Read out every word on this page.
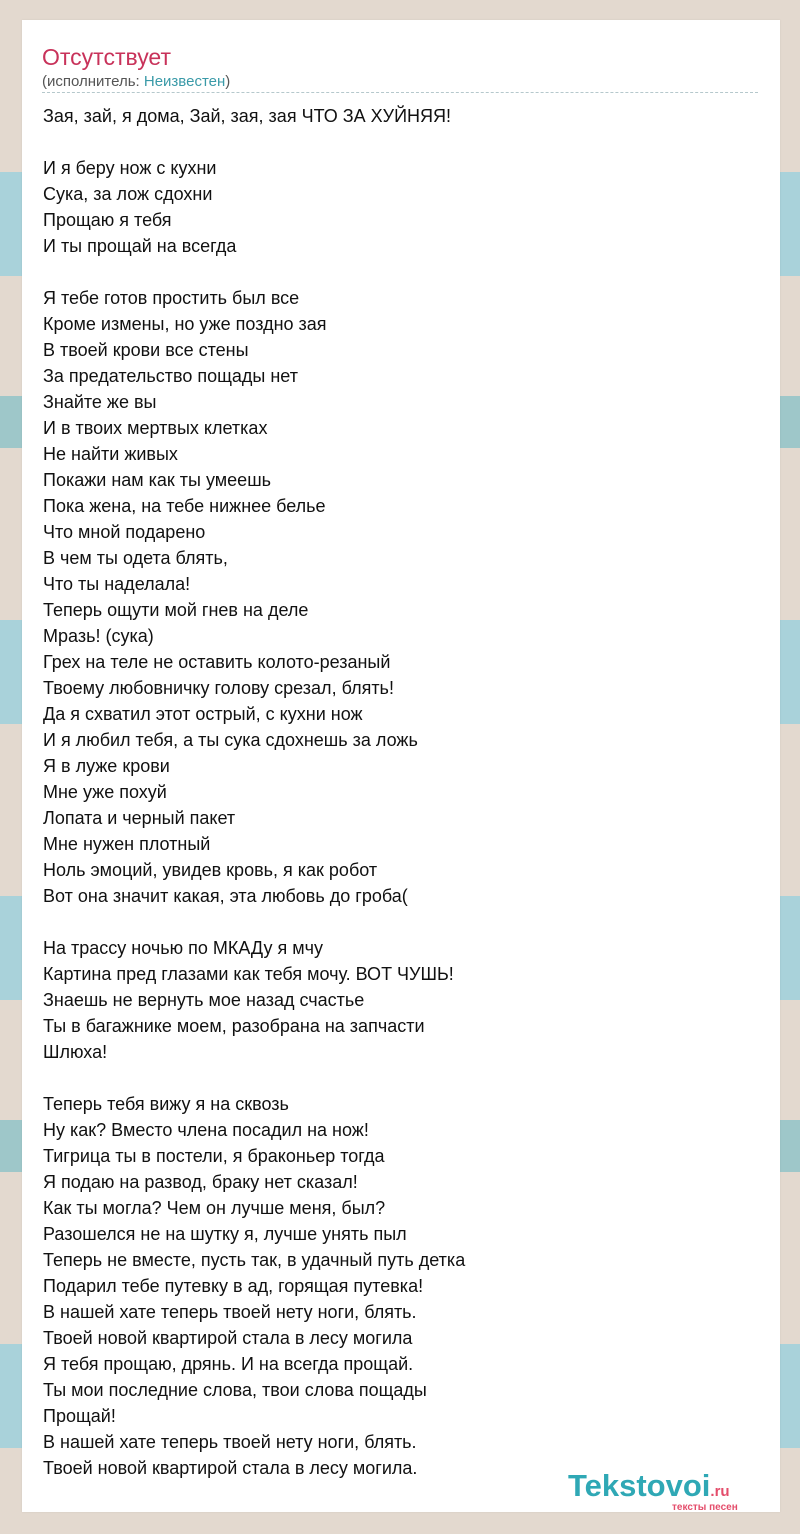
Отсутствует
(исполнитель: Неизвестен)
Зая, зай, я дома, Зай, зая, зая ЧТО ЗА ХУЙНЯЯ!
И я беру нож с кухни
Сука, за лож сдохни
Прощаю я тебя
И ты прощай на всегда
Я тебе готов простить был все
Кроме измены, но уже поздно зая
В твоей крови все стены
За предательство пощады нет
Знайте же вы
И в твоих мертвых клетках
Не найти живых
Покажи нам как ты умеешь
Пока жена, на тебе нижнее белье
Что мной подарено
В чем ты одета блять,
Что ты наделала!
Теперь ощути мой гнев на деле
Мразь! (сука)
Грех на теле не оставить колото-резаный
Твоему любовничку голову срезал, блять!
Да я схватил этот острый, с кухни нож
И я любил тебя, а ты сука сдохнешь за ложь
Я в луже крови
Мне уже похуй
Лопата и черный пакет
Мне нужен плотный
Ноль эмоций, увидев кровь, я как робот
Вот она значит какая, эта любовь до гроба(
На трассу ночью по МКАДу я мчу
Картина пред глазами как тебя мочу. ВОТ ЧУШЬ!
Знаешь не вернуть мое назад счастье
Ты в багажнике моем, разобрана на запчасти
Шлюха!
Теперь тебя вижу я на сквозь
Ну как? Вместо члена посадил на нож!
Тигрица ты в постели, я браконьер тогда
Я подаю на развод, браку нет сказал!
Как ты могла? Чем он лучше меня, был?
Разошелся не на шутку я, лучше унять пыл
Теперь не вместе, пусть так, в удачный путь детка
Подарил тебе путевку в ад, горящая путевка!
В нашей хате теперь твоей нету ноги, блять.
Твоей новой квартирой стала в лесу могила
Я тебя прощаю, дрянь. И на всегда прощай.
Ты мои последние слова, твои слова пощады
Прощай!
В нашей хате теперь твоей нету ноги, блять.
Твоей новой квартирой стала в лесу могила.	Tekstovoi.ru
тексты песен
